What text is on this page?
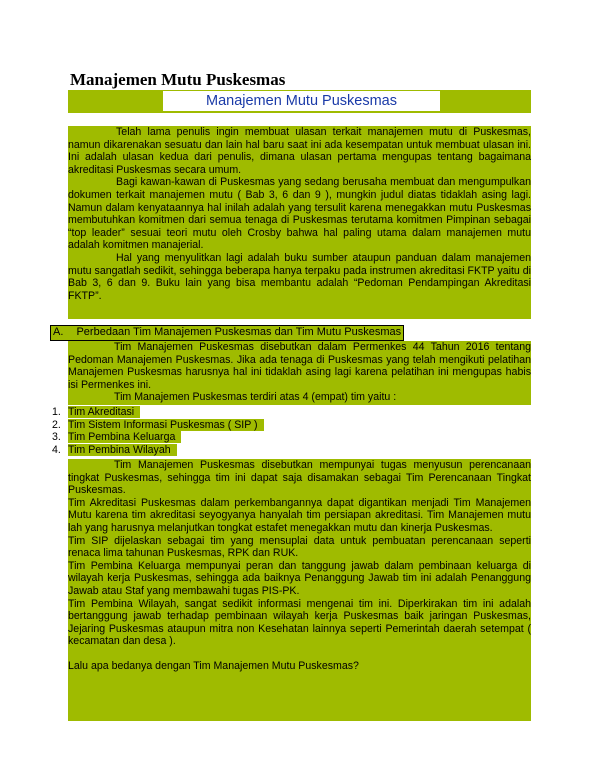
Manajemen Mutu Puskesmas
Manajemen Mutu Puskesmas

Telah lama penulis ingin membuat ulasan terkait manajemen mutu di Puskesmas, namun dikarenakan sesuatu dan lain hal baru saat ini ada kesempatan untuk membuat ulasan ini. Ini adalah ulasan kedua dari penulis, dimana ulasan pertama mengupas tentang bagaimana akreditasi Puskesmas secara umum.

Bagi kawan-kawan di Puskesmas yang sedang berusaha membuat dan mengumpulkan dokumen terkait manajemen mutu ( Bab 3, 6 dan 9 ), mungkin judul diatas tidaklah asing lagi. Namun dalam kenyataannya hal inilah adalah yang tersulit karena menegakkan mutu Puskesmas membutuhkan komitmen dari semua tenaga di Puskesmas terutama komitmen Pimpinan sebagai “top leader” sesuai teori mutu oleh Crosby bahwa hal paling utama dalam manajemen mutu adalah komitmen manajerial.

Hal yang menyulitkan lagi adalah buku sumber ataupun panduan dalam manajemen mutu sangatlah sedikit, sehingga beberapa hanya terpaku pada instrumen akreditasi FKTP yaitu di Bab 3, 6 dan 9. Buku lain yang bisa membantu adalah “Pedoman Pendampingan Akreditasi FKTP”.

A. Perbedaan Tim Manajemen Puskesmas dan Tim Mutu Puskesmas

Tim Manajemen Puskesmas disebutkan dalam Permenkes 44 Tahun 2016 tentang Pedoman Manajemen Puskesmas. Jika ada tenaga di Puskesmas yang telah mengikuti pelatihan Manajemen Puskesmas harusnya hal ini tidaklah asing lagi karena pelatihan ini mengupas habis isi Permenkes ini.

Tim Manajemen Puskesmas terdiri atas 4 (empat) tim yaitu :

1. Tim Akreditasi
2. Tim Sistem Informasi Puskesmas ( SIP )
3. Tim Pembina Keluarga
4. Tim Pembina Wilayah

Tim Manajemen Puskesmas disebutkan mempunyai tugas menyusun perencanaan tingkat Puskesmas, sehingga tim ini dapat saja disamakan sebagai Tim Perencanaan Tingkat Puskesmas.

Tim Akreditasi Puskesmas dalam perkembangannya dapat digantikan menjadi Tim Manajemen Mutu karena tim akreditasi seyogyanya hanyalah tim persiapan akreditasi. Tim Manajemen mutu lah yang harusnya melanjutkan tongkat estafet menegakkan mutu dan kinerja Puskesmas.

Tim SIP dijelaskan sebagai tim yang mensuplai data untuk pembuatan perencanaan seperti renaca lima tahunan Puskesmas, RPK dan RUK.

Tim Pembina Keluarga mempunyai peran dan tanggung jawab dalam pembinaan keluarga di wilayah kerja Puskesmas, sehingga ada baiknya Penanggung Jawab tim ini adalah Penanggung Jawab atau Staf yang membawahi tugas PIS-PK.

Tim Pembina Wilayah, sangat sedikit informasi mengenai tim ini. Diperkirakan tim ini adalah bertanggung jawab terhadap pembinaan wilayah kerja Puskesmas baik jaringan Puskesmas, Jejaring Puskesmas ataupun mitra non Kesehatan lainnya seperti Pemerintah daerah setempat ( kecamatan dan desa ).

Lalu apa bedanya dengan Tim Manajemen Mutu Puskesmas?
